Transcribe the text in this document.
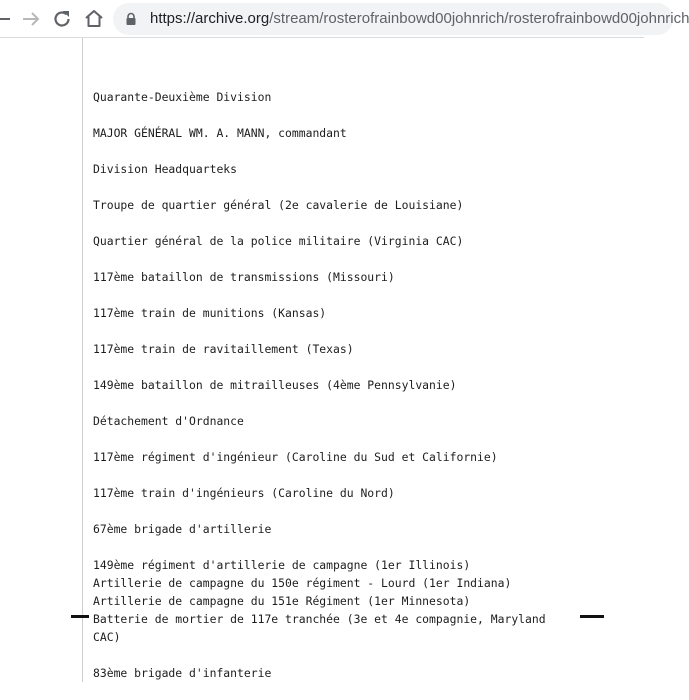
https://archive.org/stream/rosterofrainbowd00johnrich/rosterofrainbowd00johnrich
Quarante-Deuxième Division
MAJOR GÉNÉRAL WM. A. MANN, commandant
Division Headquarteks
Troupe de quartier général (2e cavalerie de Louisiane)
Quartier général de la police militaire (Virginia CAC)
117ème bataillon de transmissions (Missouri)
117ème train de munitions (Kansas)
117ème train de ravitaillement (Texas)
149ème bataillon de mitrailleuses (4ème Pennsylvanie)
Détachement d'Ordnance
117ème régiment d'ingénieur (Caroline du Sud et Californie)
117ème train d'ingénieurs (Caroline du Nord)
67ème brigade d'artillerie
149ème régiment d'artillerie de campagne (1er Illinois)
Artillerie de campagne du 150e régiment - Lourd (1er Indiana)
Artillerie de campagne du 151e Régiment (1er Minnesota)
Batterie de mortier de 117e tranchée (3e et 4e compagnie, Maryland
CAC)
83ème brigade d'infanterie
